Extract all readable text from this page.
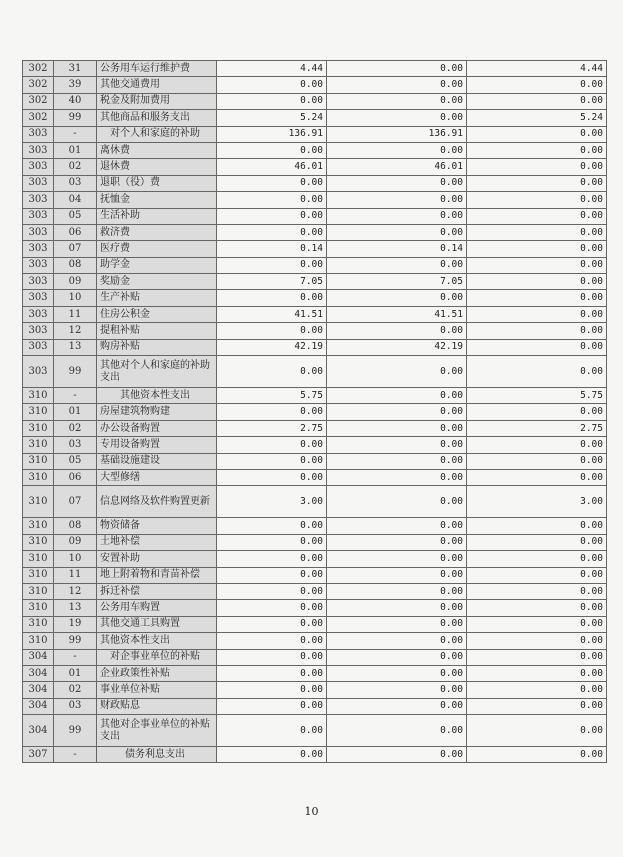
302	31	公务用车运行维护费	4.44	0.00	4.44
302	39	其他交通费用	0.00	0.00	0.00
302	40	税金及附加费用	0.00	0.00	0.00
302	99	其他商品和服务支出	5.24	0.00	5.24
303	-	对个人和家庭的补助	136.91	136.91	0.00
303	01	离休费	0.00	0.00	0.00
303	02	退休费	46.01	46.01	0.00
303	03	退职（役）费	0.00	0.00	0.00
303	04	抚恤金	0.00	0.00	0.00
303	05	生活补助	0.00	0.00	0.00
303	06	救济费	0.00	0.00	0.00
303	07	医疗费	0.14	0.14	0.00
303	08	助学金	0.00	0.00	0.00
303	09	奖励金	7.05	7.05	0.00
303	10	生产补贴	0.00	0.00	0.00
303	11	住房公积金	41.51	41.51	0.00
303	12	提租补贴	0.00	0.00	0.00
303	13	购房补贴	42.19	42.19	0.00
303	99	其他对个人和家庭的补助支出	0.00	0.00	0.00
310	-	其他资本性支出	5.75	0.00	5.75
310	01	房屋建筑物购建	0.00	0.00	0.00
310	02	办公设备购置	2.75	0.00	2.75
310	03	专用设备购置	0.00	0.00	0.00
310	05	基础设施建设	0.00	0.00	0.00
310	06	大型修缮	0.00	0.00	0.00
310	07	信息网络及软件购置更新	3.00	0.00	3.00
310	08	物资储备	0.00	0.00	0.00
310	09	土地补偿	0.00	0.00	0.00
310	10	安置补助	0.00	0.00	0.00
310	11	地上附着物和青苗补偿	0.00	0.00	0.00
310	12	拆迁补偿	0.00	0.00	0.00
310	13	公务用车购置	0.00	0.00	0.00
310	19	其他交通工具购置	0.00	0.00	0.00
310	99	其他资本性支出	0.00	0.00	0.00
304	-	对企事业单位的补贴	0.00	0.00	0.00
304	01	企业政策性补贴	0.00	0.00	0.00
304	02	事业单位补贴	0.00	0.00	0.00
304	03	财政贴息	0.00	0.00	0.00
304	99	其他对企事业单位的补贴支出	0.00	0.00	0.00
307	-	债务利息支出	0.00	0.00	0.00
10
